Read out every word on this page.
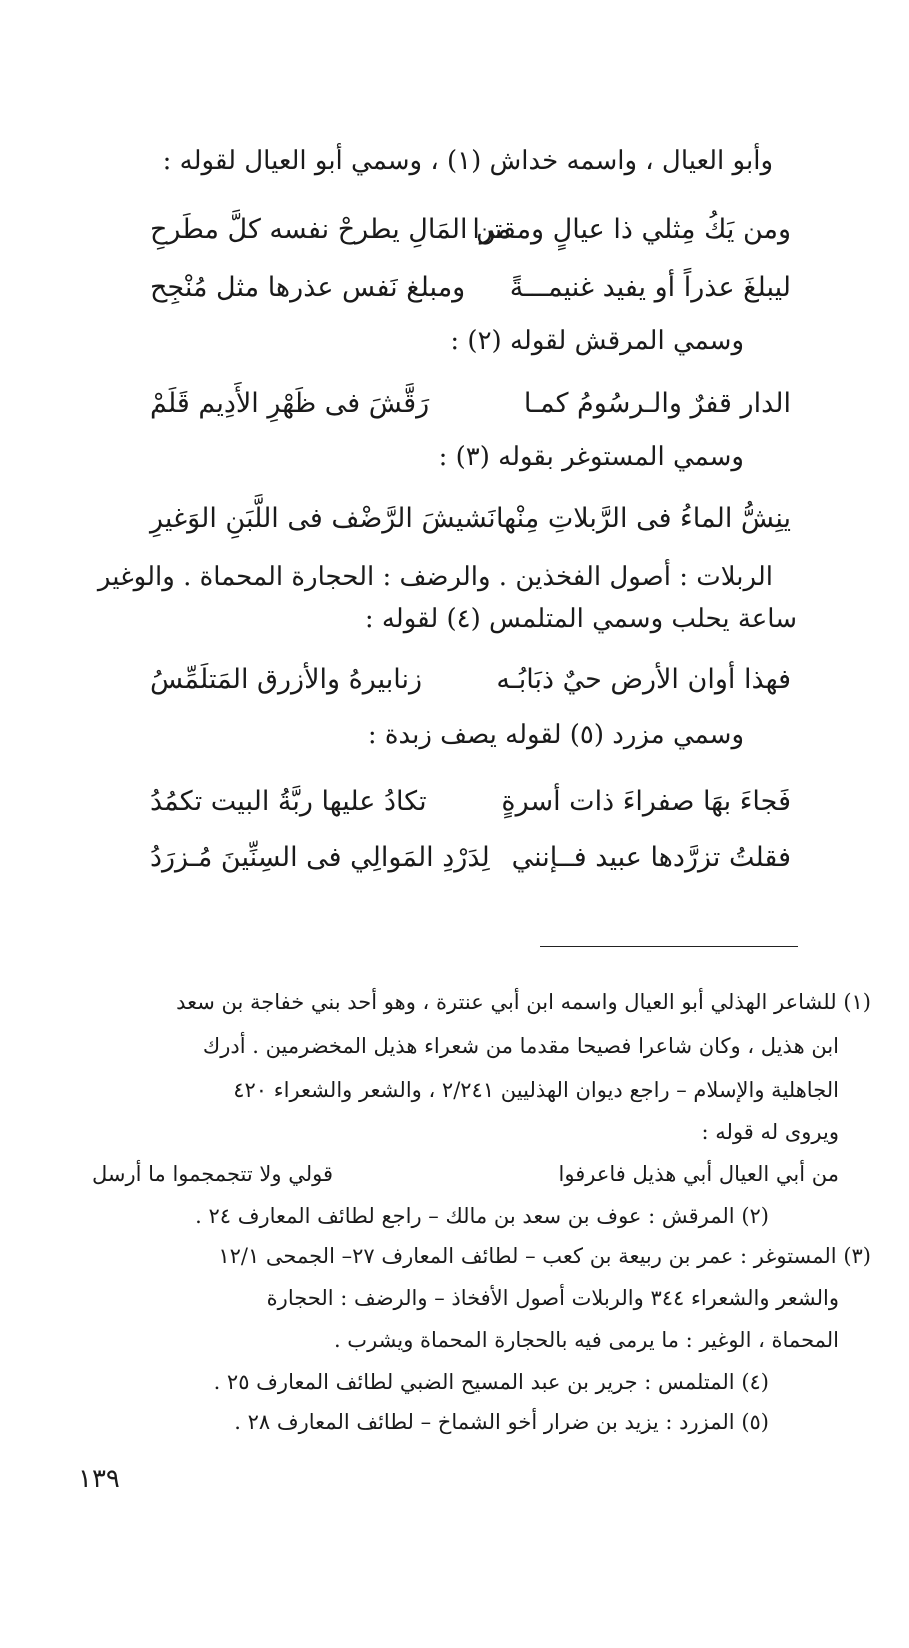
وأبو العيال ، واسمه خداش (١) ، وسمي أبو العيال لقوله :
ومن يَكُ مِثلي ذا عيالٍ ومقترا
من المَالِ يطرحْ نفسه كلَّ مطَرحِ
ليبلغَ عذراً أو يفيد غنيمـــةً
ومبلغ نَفس عذرها مثل مُنْجِح
وسمي المرقش لقوله (٢) :
الدار قفرٌ والـرسُومُ كمـا
رَقَّشَ فى ظَهْرِ الأَدِيم قَلَمْ
وسمي المستوغر بقوله (٣) :
ينِشُّ الماءُ فى الرَّبلاتِ مِنْها
نَشيشَ الرَّضْف فى اللَّبَنِ الوَغيرِ
الربلات : أصول الفخذين . والرضف : الحجارة المحماة . والوغير
ساعة يحلب وسمي المتلمس (٤) لقوله :
فهذا أوان الأرض حيٌ ذبَابُـه
زنابيرهُ والأزرق المَتلَمِّسُ
وسمي مزرد (٥) لقوله يصف زبدة :
فَجاءَ بهَا صفراءَ ذات أسرةٍ
تكادُ عليها ربَّةُ البيت تكمُدُ
فقلتُ تزرَّدها عبيد فــإنني
لِدَرْدِ المَوالِي فى السِنِّينَ مُـزرَدُ
(١) للشاعر الهذلي أبو العيال واسمه ابن أبي عنترة ، وهو أحد بني خفاجة بن سعد
ابن هذيل ، وكان شاعرا فصيحا مقدما من شعراء هذيل المخضرمين . أدرك
الجاهلية والإسلام – راجع ديوان الهذليين ٢/٢٤١ ، والشعر والشعراء ٤٢٠
ويروى له قوله :
من أبي العيال أبي هذيل فاعرفوا
قولي ولا تتجمجموا ما أرسل
(٢) المرقش : عوف بن سعد بن مالك – راجع لطائف المعارف ٢٤ .
(٣) المستوغر : عمر بن ربيعة بن كعب – لطائف المعارف ٢٧– الجمحى ١٢/١
والشعر والشعراء ٣٤٤ والربلات أصول الأفخاذ – والرضف : الحجارة
المحماة ، الوغير : ما يرمى فيه بالحجارة المحماة ويشرب .
(٤) المتلمس : جرير بن عبد المسيح الضبي لطائف المعارف ٢٥ .
(٥) المزرد : يزيد بن ضرار أخو الشماخ – لطائف المعارف ٢٨ .
١٣٩
